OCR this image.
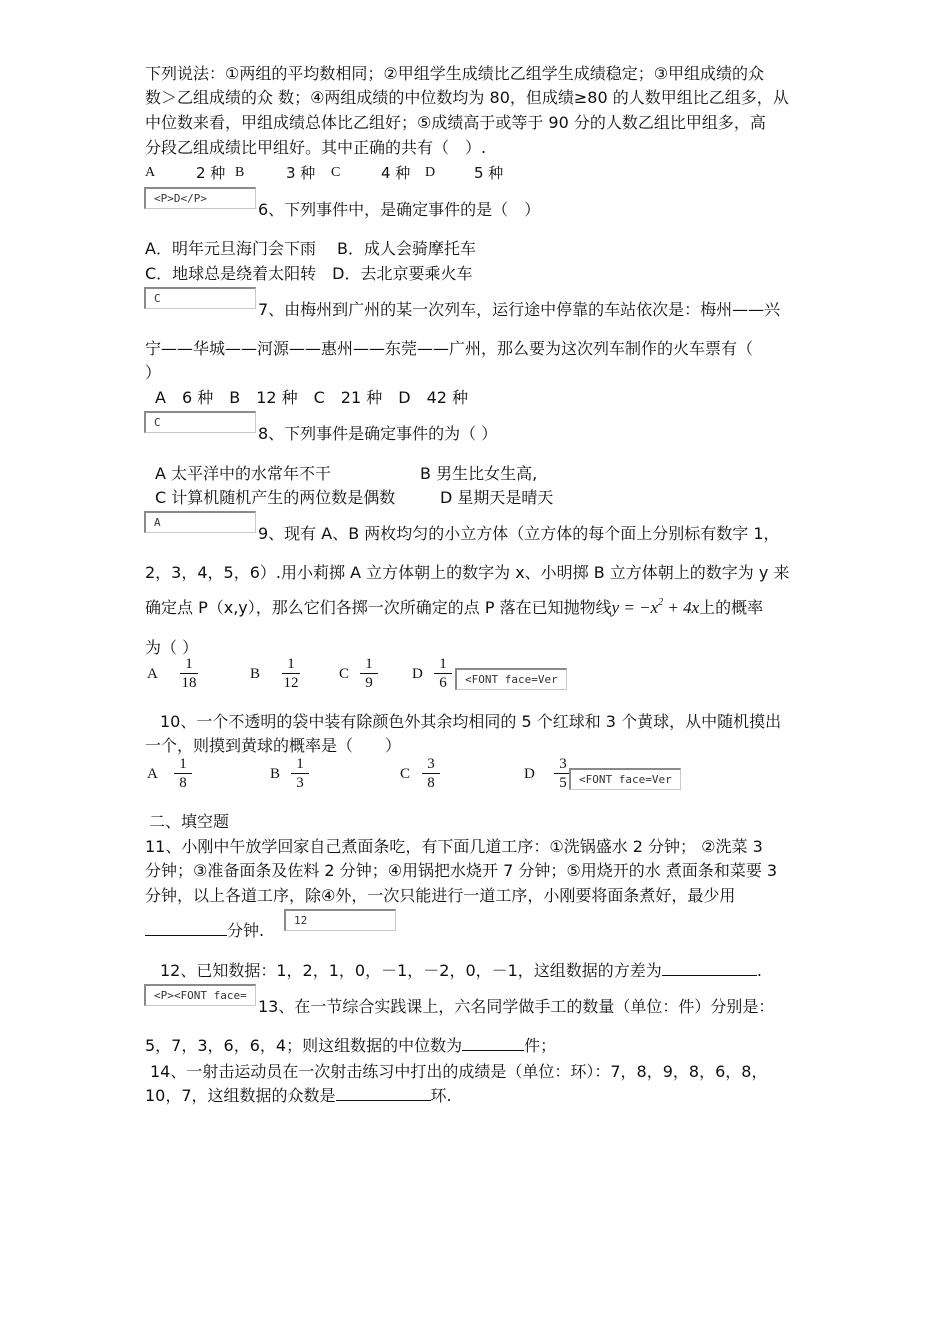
下列说法：①两组的平均数相同；②甲组学生成绩比乙组学生成绩稳定；③甲组成绩的众
数＞乙组成绩的众 数；④两组成绩的中位数均为 80，但成绩≥80 的人数甲组比乙组多，从
中位数来看，甲组成绩总体比乙组好；⑤成绩高于或等于 90 分的人数乙组比甲组多，高
分段乙组成绩比甲组好。其中正确的共有（　）.
A	2 种 B	3 种 C	4 种 D	5 种
<P>D</P>
6、下列事件中，是确定事件的是（　）
A．明年元旦海门会下雨　 B．成人会骑摩托车
C．地球总是绕着太阳转　D．去北京要乘火车
C
7、由梅州到广州的某一次列车，运行途中停靠的车站依次是：梅州——兴
宁——华城——河源——惠州——东莞——广州，那么要为这次列车制作的火车票有（
）
A　6 种　B　12 种　C　21 种　D　42 种
C
8、下列事件是确定事件的为（ ）
A 太平洋中的水常年不干	B 男生比女生高,
C 计算机随机产生的两位数是偶数	D 星期天是晴天
A
9、现有 A、B 两枚均匀的小立方体（立方体的每个面上分别标有数字 1，
2，3，4，5，6）.用小莉掷 A 立方体朝上的数字为 x、小明掷 B 立方体朝上的数字为 y 来
确定点 P（x,y），那么它们各掷一次所确定的点 P 落在已知抛物线$y = -x^2 + 4x$上的概率
为（ ）
A
1
18
B
1
12
C
1
9
D
1
6	<FONT face=Ver
10、一个不透明的袋中装有除颜色外其余均相同的 5 个红球和 3 个黄球，从中随机摸出
一个，则摸到黄球的概率是（　　）
A
1
8
B
1
3
C
3
8
D
3
5	<FONT face=Ver
二、填空题
11、小刚中午放学回家自己煮面条吃，有下面几道工序：①洗锅盛水 2 分钟； ②洗菜 3
分钟；③准备面条及佐料 2 分钟；④用锅把水烧开 7 分钟；⑤用烧开的水 煮面条和菜要 3
分钟，以上各道工序，除④外，一次只能进行一道工序，小刚要将面条煮好，最少用
分钟.
12
12、已知数据：1，2，1，0，－1，－2，0，－1，这组数据的方差为	.
<P><FONT face=
13、在一节综合实践课上，六名同学做手工的数量（单位：件）分别是：
5，7，3，6，6，4；则这组数据的中位数为	件；
14、一射击运动员在一次射击练习中打出的成绩是（单位：环）：7，8，9，8，6，8，
10，7，这组数据的众数是	环.
